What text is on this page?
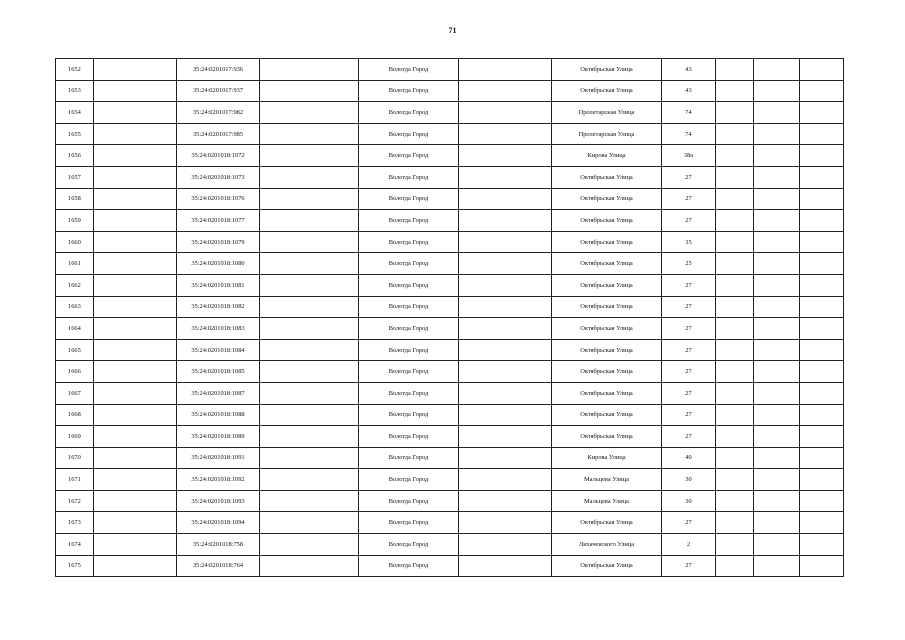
71
1652		35:24:0201017:936		Вологда Город		Октябрьская Улица	43			
1653		35:24:0201017:937		Вологда Город		Октябрьская Улица	43			
1654		35:24:0201017:982		Вологда Город		Пролетарская Улица	74			
1655		35:24:0201017:985		Вологда Город		Пролетарская Улица	74			
1656		35:24:0201018:1072		Вологда Город		Кирова Улица	38а			
1657		35:24:0201018:1073		Вологда Город		Октябрьская Улица	27			
1658		35:24:0201018:1076		Вологда Город		Октябрьская Улица	27			
1659		35:24:0201018:1077		Вологда Город		Октябрьская Улица	27			
1660		35:24:0201018:1079		Вологда Город		Октябрьская Улица	35			
1661		35:24:0201018:1080		Вологда Город		Октябрьская Улица	25			
1662		35:24:0201018:1081		Вологда Город		Октябрьская Улица	27			
1663		35:24:0201018:1082		Вологда Город		Октябрьская Улица	27			
1664		35:24:0201018:1083		Вологда Город		Октябрьская Улица	27			
1665		35:24:0201018:1084		Вологда Город		Октябрьская Улица	27			
1666		35:24:0201018:1085		Вологда Город		Октябрьская Улица	27			
1667		35:24:0201018:1087		Вологда Город		Октябрьская Улица	27			
1668		35:24:0201018:1088		Вологда Город		Октябрьская Улица	27			
1669		35:24:0201018:1089		Вологда Город		Октябрьская Улица	27			
1670		35:24:0201018:1091		Вологда Город		Кирова Улица	40			
1671		35:24:0201018:1092		Вологда Город		Мальцева Улица	30			
1672		35:24:0201018:1093		Вологда Город		Мальцева Улица	30			
1673		35:24:0201018:1094		Вологда Город		Октябрьская Улица	27			
1674		35:24:0201018:758		Вологда Город		Лихачевского Улица	2			
1675		35:24:0201018:764		Вологда Город		Октябрьская Улица	27			
